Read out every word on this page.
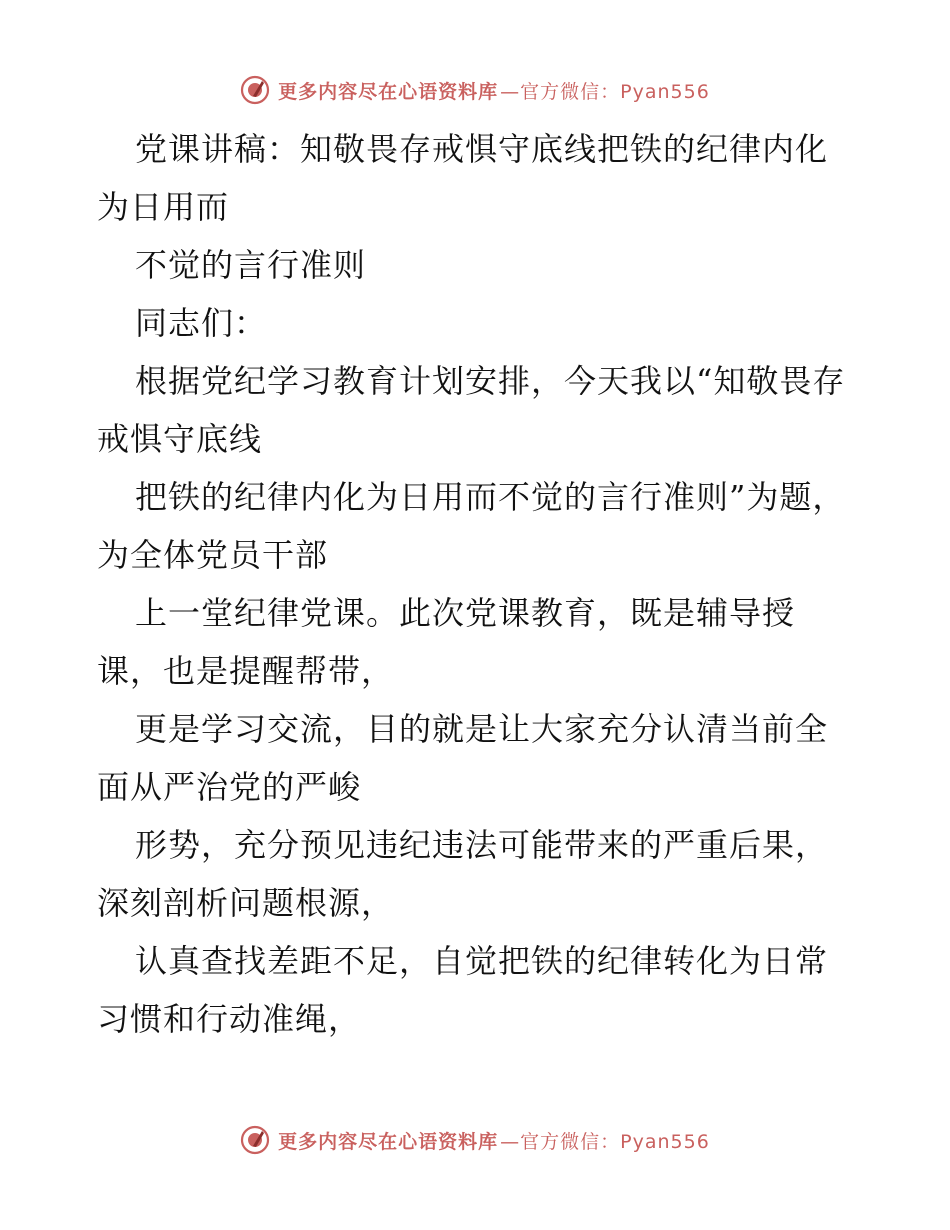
更多内容尽在心语资料库 —官方微信：Pyan556

党课讲稿：知敬畏存戒惧守底线把铁的纪律内化为日用而

不觉的言行准则

同志们：

根据党纪学习教育计划安排，今天我以“知敬畏存戒惧守底线

把铁的纪律内化为日用而不觉的言行准则”为题，为全体党员干部

上一堂纪律党课。此次党课教育，既是辅导授课，也是提醒帮带，

更是学习交流，目的就是让大家充分认清当前全面从严治党的严峻

形势，充分预见违纪违法可能带来的严重后果，深刻剖析问题根源，

认真查找差距不足，自觉把铁的纪律转化为日常习惯和行动准绳，

更多内容尽在心语资料库 —官方微信：Pyan556
